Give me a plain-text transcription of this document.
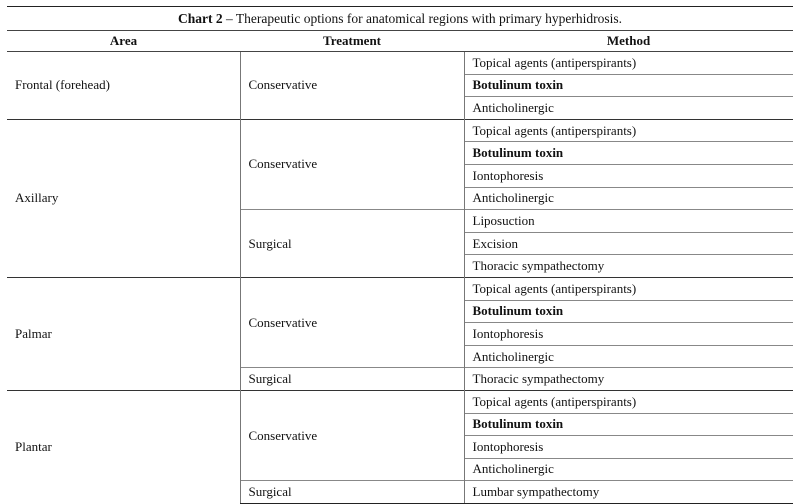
Chart 2 – Therapeutic options for anatomical regions with primary hyperhidrosis.		
Area	Treatment	Method
Frontal (forehead)	Conservative	Topical agents (antiperspirants)
		Botulinum toxin
		Anticholinergic
Axillary	Conservative	Topical agents (antiperspirants)
		Botulinum toxin
		Iontophoresis
		Anticholinergic
	Surgical	Liposuction
		Excision
		Thoracic sympathectomy
Palmar	Conservative	Topical agents (antiperspirants)
		Botulinum toxin
		Iontophoresis
		Anticholinergic
	Surgical	Thoracic sympathectomy
Plantar	Conservative	Topical agents (antiperspirants)
		Botulinum toxin
		Iontophoresis
		Anticholinergic
	Surgical	Lumbar sympathectomy
